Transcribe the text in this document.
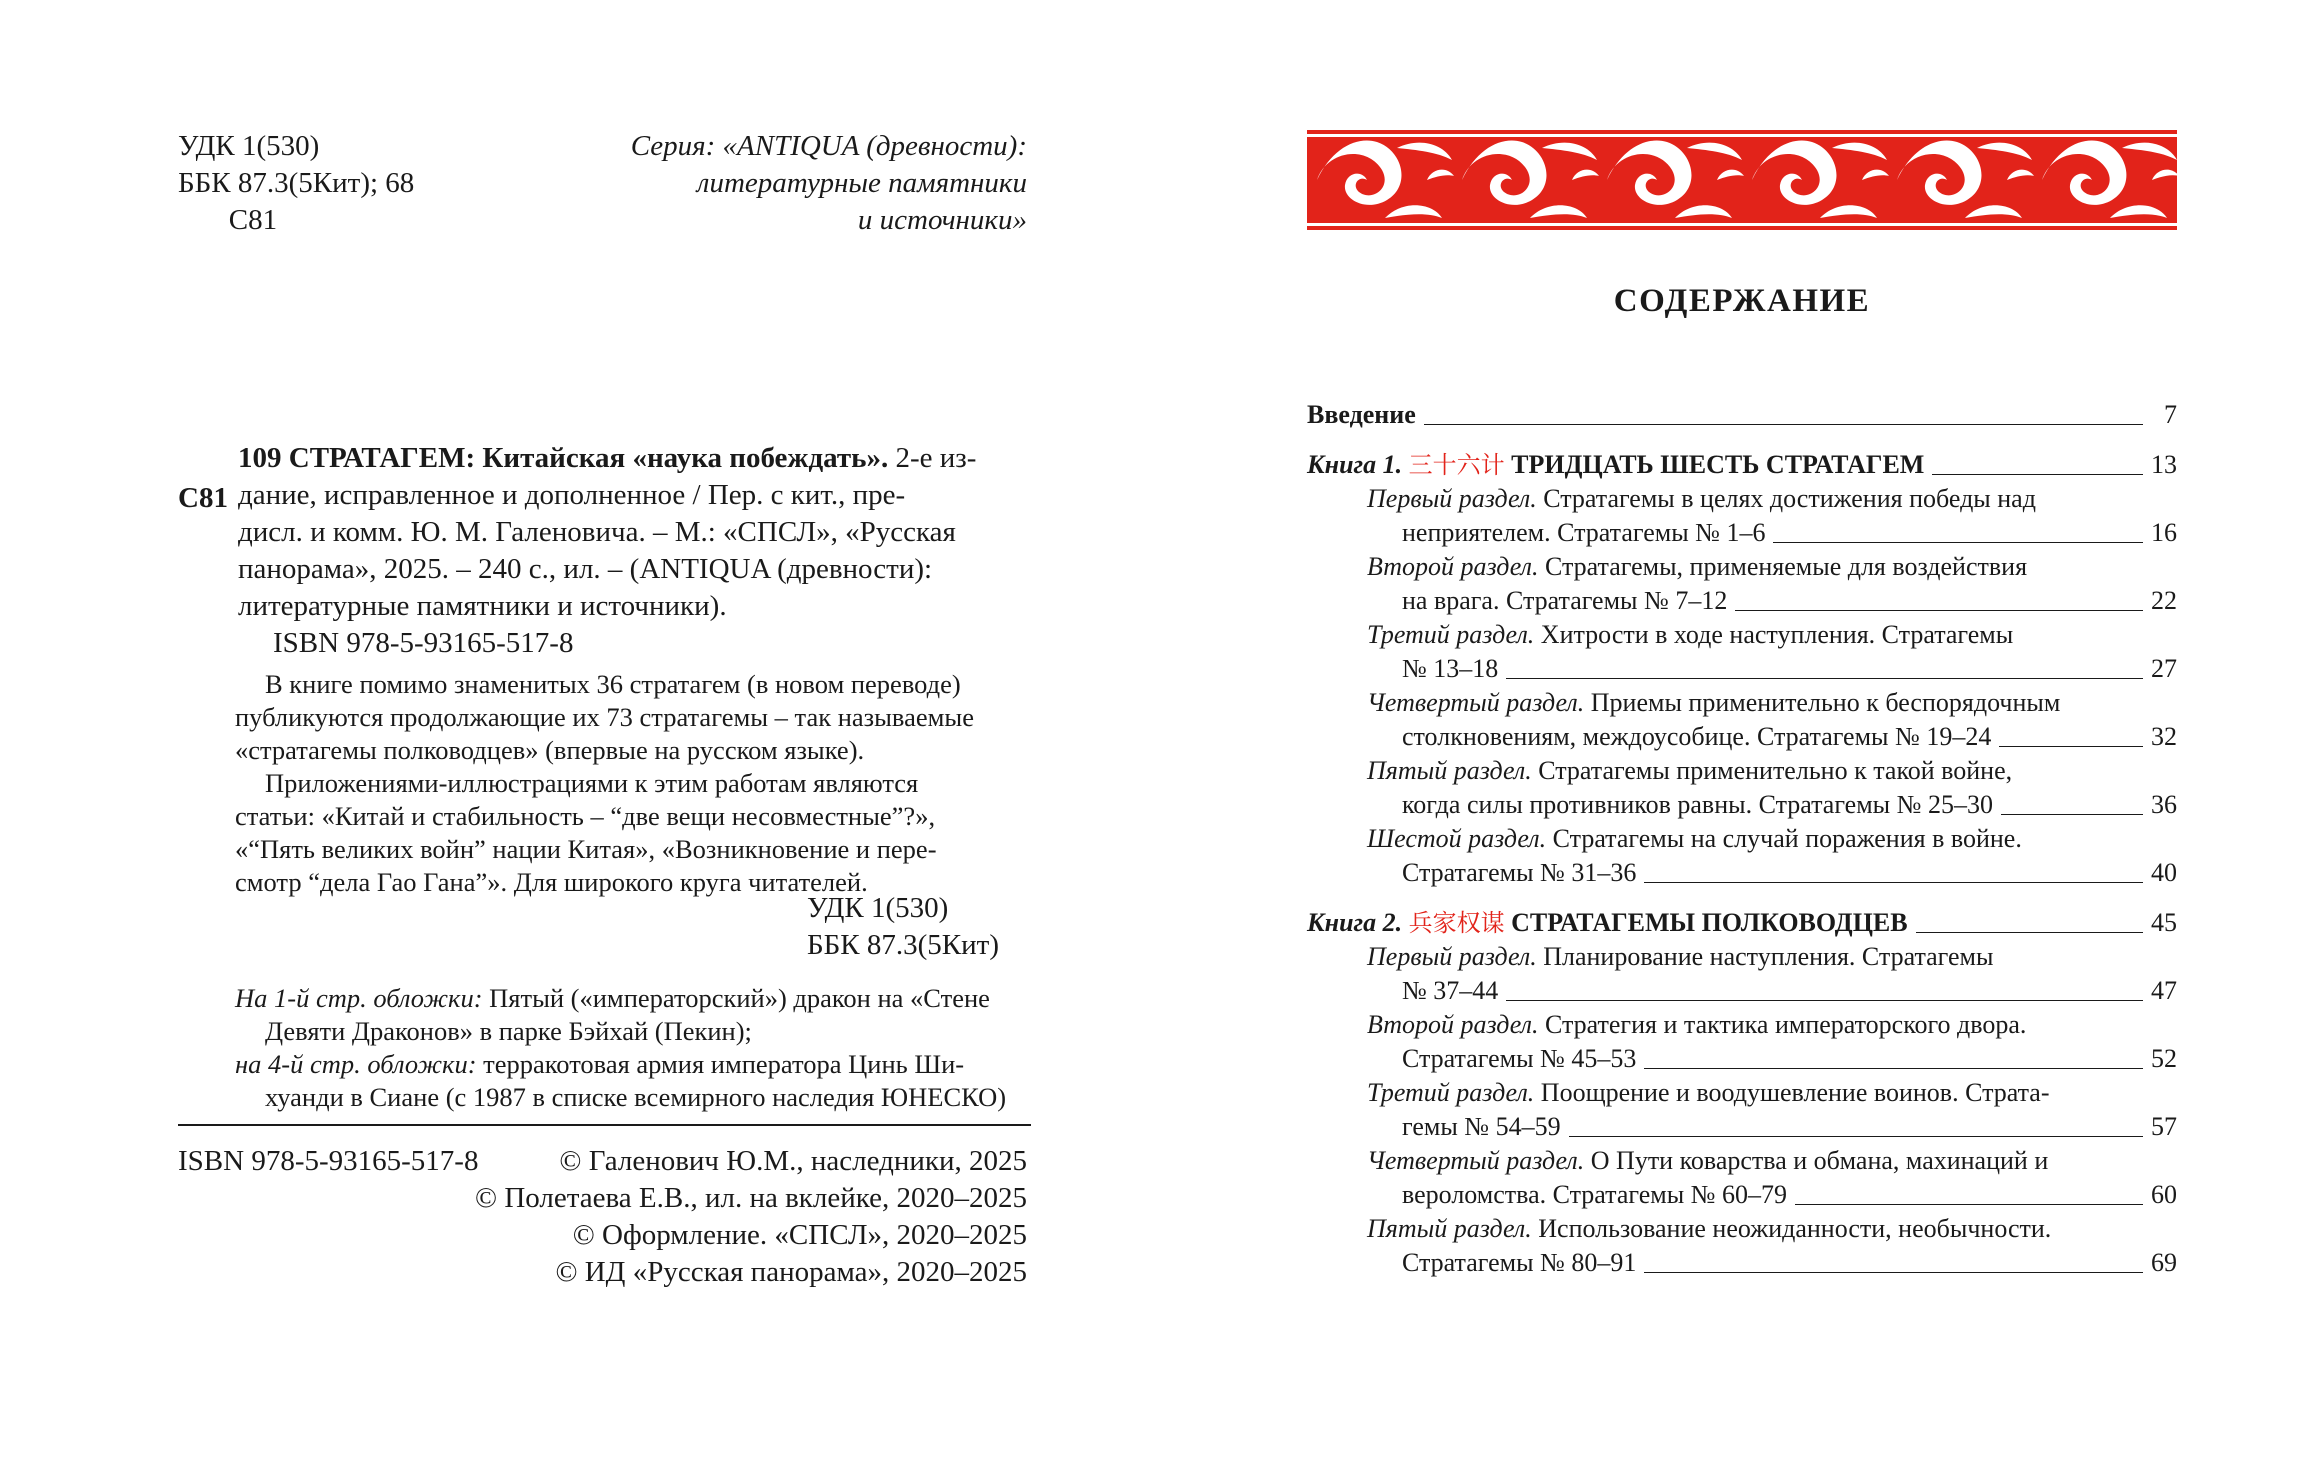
УДК 1(530)
ББК 87.3(5Кит); 68
С81
Серия: «ANTIQUA (древности):
литературные памятники
и источники»
109 СТРАТАГЕМ: Китайская «наука побеждать». 2-е из-
С81 дание, исправленное и дополненное / Пер. с кит., пре-
дисл. и комм. Ю. М. Галеновича. – М.: «СПСЛ», «Русская
панорама», 2025. – 240 с., ил. – (ANTIQUA (древности):
литературные памятники и источники).
ISBN 978-5-93165-517-8
В книге помимо знаменитых 36 стратагем (в новом переводе)
публикуются продолжающие их 73 стратагемы – так называемые
«стратагемы полководцев» (впервые на русском языке).
Приложениями-иллюстрациями к этим работам являются
статьи: «Китай и стабильность – “две вещи несовместные”?»,
«“Пять великих войн” нации Китая», «Возникновение и пере-
смотр “дела Гао Гана”». Для широкого круга читателей.
УДК 1(530)
ББК 87.3(5Кит)
На 1-й стр. обложки: Пятый («императорский») дракон на «Стене
Девяти Драконов» в парке Бэйхай (Пекин);
на 4-й стр. обложки: терракотовая армия императора Цинь Ши-
хуанди в Сиане (с 1987 в списке всемирного наследия ЮНЕСКО)
ISBN 978-5-93165-517-8	© Галенович Ю.М., наследники, 2025
© Полетаева Е.В., ил. на вклейке, 2020–2025
© Оформление. «СПСЛ», 2020–2025
© ИД «Русская панорама», 2020–2025
СОДЕРЖАНИЕ
Введение	7
Книга 1. 三十六计 ТРИДЦАТЬ ШЕСТЬ СТРАТАГЕМ	13
Первый раздел. Стратагемы в целях достижения победы над
неприятелем. Стратагемы № 1–6	16
Второй раздел. Стратагемы, применяемые для воздействия
на врага. Стратагемы № 7–12	22
Третий раздел. Хитрости в ходе наступления. Стратагемы
№ 13–18	27
Четвертый раздел. Приемы применительно к беспорядочным
столкновениям, междоусобице. Стратагемы № 19–24	32
Пятый раздел. Стратагемы применительно к такой войне,
когда силы противников равны. Стратагемы № 25–30	36
Шестой раздел. Стратагемы на случай поражения в войне.
Стратагемы № 31–36	40
Книга 2. 兵家权谋 СТРАТАГЕМЫ ПОЛКОВОДЦЕВ	45
Первый раздел. Планирование наступления. Стратагемы
№ 37–44	47
Второй раздел. Стратегия и тактика императорского двора.
Стратагемы № 45–53	52
Третий раздел. Поощрение и воодушевление воинов. Страта-
гемы № 54–59	57
Четвертый раздел. О Пути коварства и обмана, махинаций и
вероломства. Стратагемы № 60–79	60
Пятый раздел. Использование неожиданности, необычности.
Стратагемы № 80–91	69
